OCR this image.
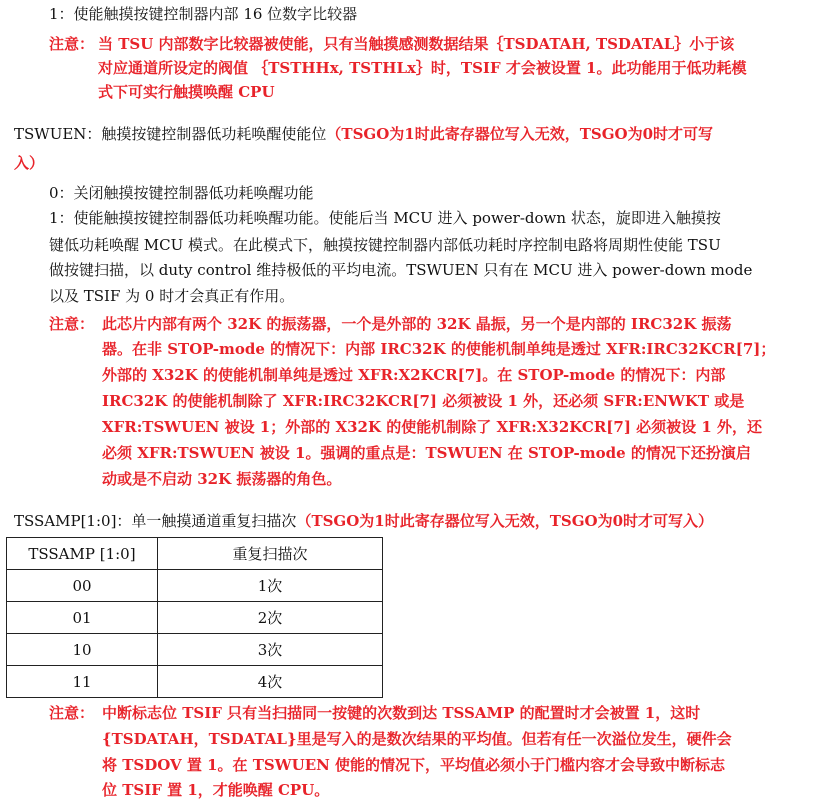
1：使能触摸按键控制器内部 16 位数字比较器
注意： 当 TSU 内部数字比较器被使能，只有当触摸感测数据结果｛TSDATAH, TSDATAL｝小于该
对应通道所设定的阀值 ｛TSTHHx, TSTHLx｝时，TSIF 才会被设置 1。此功能用于低功耗模
式下可实行触摸唤醒 CPU
TSWUEN：触摸按键控制器低功耗唤醒使能位（TSGO为1时此寄存器位写入无效，TSGO为0时才可写
入）
0：关闭触摸按键控制器低功耗唤醒功能
1：使能触摸按键控制器低功耗唤醒功能。使能后当 MCU 进入 power-down 状态，旋即进入触摸按
键低功耗唤醒 MCU 模式。在此模式下，触摸按键控制器内部低功耗时序控制电路将周期性使能 TSU
做按键扫描，以 duty control 维持极低的平均电流。TSWUEN 只有在 MCU 进入 power-down mode
以及 TSIF 为 0 时才会真正有作用。
注意： 此芯片内部有两个 32K 的振荡器，一个是外部的 32K 晶振，另一个是内部的 IRC32K 振荡
器。在非 STOP-mode 的情况下：内部 IRC32K 的使能机制单纯是透过 XFR:IRC32KCR[7]；
外部的 X32K 的使能机制单纯是透过 XFR:X2KCR[7]。在 STOP-mode 的情况下：内部
IRC32K 的使能机制除了 XFR:IRC32KCR[7] 必须被设 1 外，还必须 SFR:ENWKT 或是
XFR:TSWUEN 被设 1；外部的 X32K 的使能机制除了 XFR:X32KCR[7] 必须被设 1 外，还
必须 XFR:TSWUEN 被设 1。强调的重点是：TSWUEN 在 STOP-mode 的情况下还扮演启
动或是不启动 32K 振荡器的角色。
TSSAMP[1:0]：单一触摸通道重复扫描次（TSGO为1时此寄存器位写入无效，TSGO为0时才可写入）
TSSAMP [1:0]	重复扫描次
00	1次
01	2次
10	3次
11	4次
注意： 中断标志位 TSIF 只有当扫描同一按键的次数到达 TSSAMP 的配置时才会被置 1，这时
{TSDATAH，TSDATAL}里是写入的是数次结果的平均值。但若有任一次溢位发生，硬件会
将 TSDOV 置 1。在 TSWUEN 使能的情况下，平均值必须小于门槛内容才会导致中断标志
位 TSIF 置 1，才能唤醒 CPU。
